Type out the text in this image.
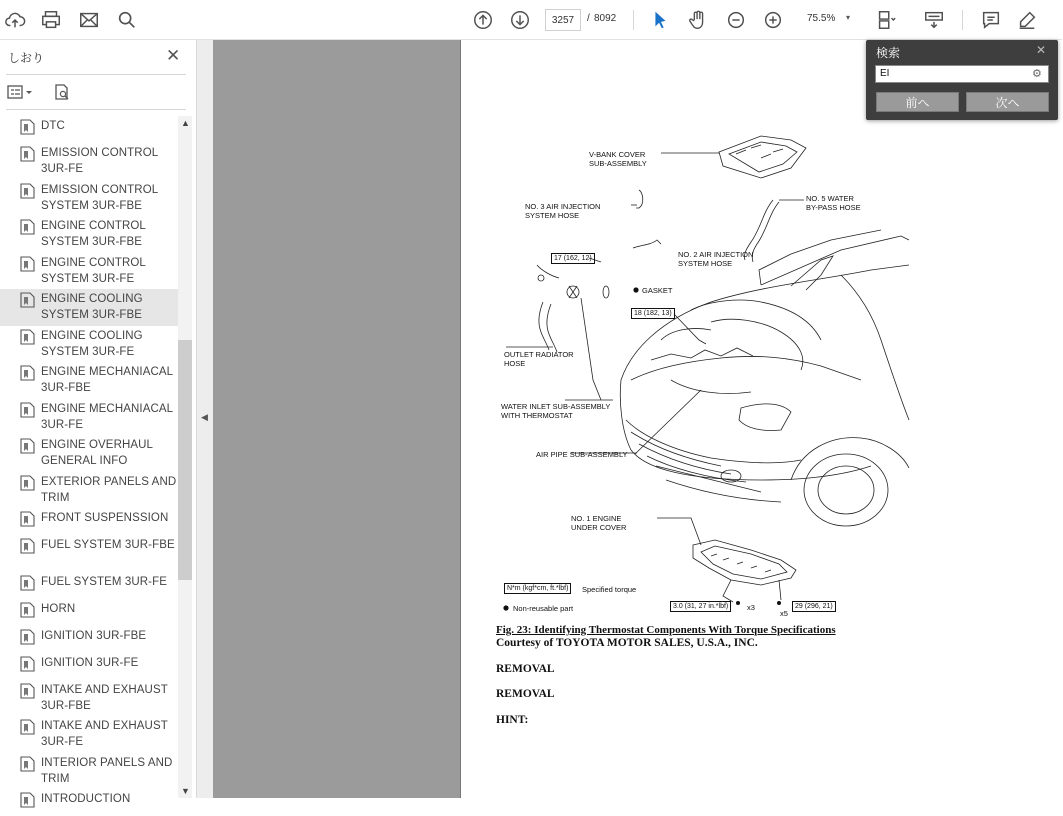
3257	/ 8092	75.5% ▾
しおり	✕
DTC
EMISSION CONTROL 3UR-FE
EMISSION CONTROL SYSTEM 3UR-FBE
ENGINE CONTROL SYSTEM 3UR-FBE
ENGINE CONTROL SYSTEM 3UR-FE
ENGINE COOLING SYSTEM 3UR-FBE
ENGINE COOLING SYSTEM 3UR-FE
ENGINE MECHANIACAL 3UR-FBE
ENGINE MECHANIACAL 3UR-FE
ENGINE OVERHAUL GENERAL INFO
EXTERIOR PANELS AND TRIM
FRONT SUSPENSSION
FUEL SYSTEM 3UR-FBE
FUEL SYSTEM 3UR-FE
HORN
IGNITION 3UR-FBE
IGNITION 3UR-FE
INTAKE AND EXHAUST 3UR-FBE
INTAKE AND EXHAUST 3UR-FE
INTERIOR PANELS AND TRIM
INTRODUCTION
▲
▼
◀
V-BANK COVER
SUB-ASSEMBLY
NO. 3 AIR INJECTION
SYSTEM HOSE
NO. 5 WATER
BY-PASS HOSE
NO. 2 AIR INJECTION
SYSTEM HOSE
GASKET
OUTLET RADIATOR
HOSE
WATER INLET SUB-ASSEMBLY
WITH THERMOSTAT
AIR PIPE SUB-ASSEMBLY
NO. 1 ENGINE
UNDER COVER
17 (162, 12)
18 (182, 13)
N*m (kgf*cm, ft.*lbf)	Specified torque
Non-reusable part	3.0 (31, 27 in.*lbf)	x3	29 (296, 21)
x5
Fig. 23: Identifying Thermostat Components With Torque Specifications
Courtesy of TOYOTA MOTOR SALES, U.S.A., INC.
REMOVAL
REMOVAL
HINT:
検索	✕
EI	⚙
前へ	次へ
